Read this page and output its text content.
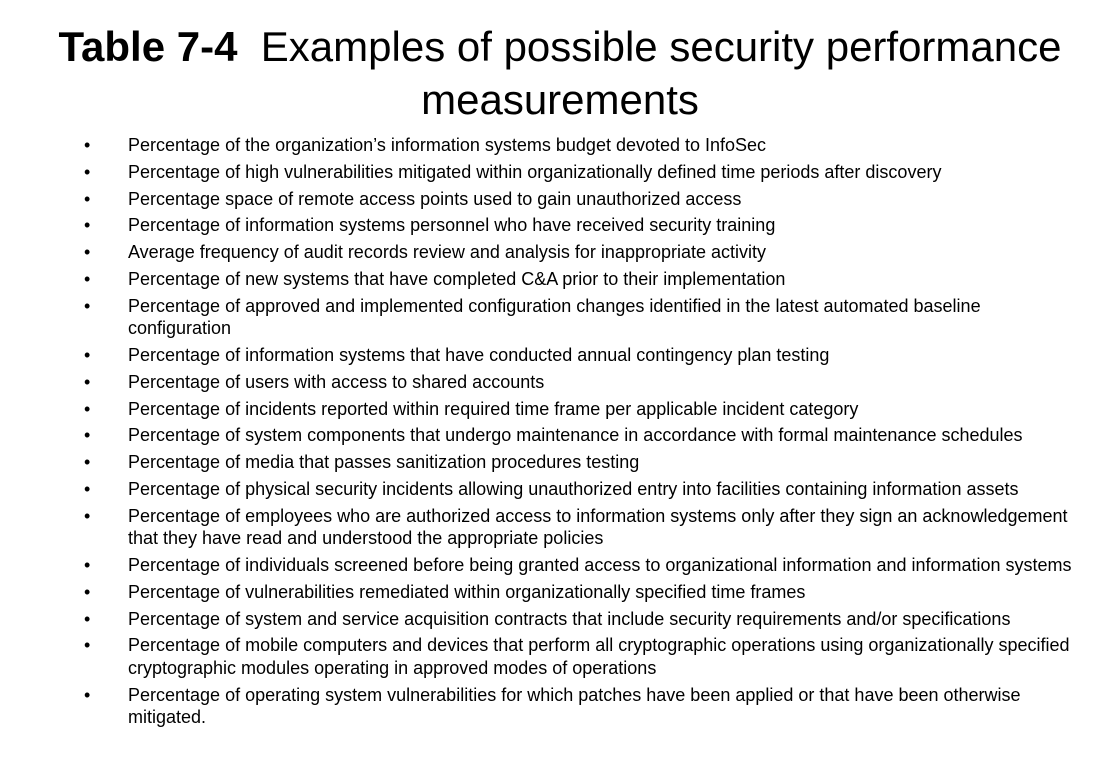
Table 7-4 Examples of possible security performance measurements
•	Percentage of the organization’s information systems budget devoted to InfoSec
•	Percentage of high vulnerabilities mitigated within organizationally defined time periods after discovery
•	Percentage space of remote access points used to gain unauthorized access
•	Percentage of information systems personnel who have received security training
•	Average frequency of audit records review and analysis for inappropriate activity
•	Percentage of new systems that have completed C&A prior to their implementation
•	Percentage of approved and implemented configuration changes identified in the latest automated baseline configuration
•	Percentage of information systems that have conducted annual contingency plan testing
•	Percentage of users with access to shared accounts
•	Percentage of incidents reported within required time frame per applicable incident category
•	Percentage of system components that undergo maintenance in accordance with formal maintenance schedules
•	Percentage of media that passes sanitization procedures testing
•	Percentage of physical security incidents allowing unauthorized entry into facilities containing information assets
•	Percentage of employees who are authorized access to information systems only after they sign an acknowledgement that they have read and understood the appropriate policies
•	Percentage of individuals screened before being granted access to organizational information and information systems
•	Percentage of vulnerabilities remediated within organizationally specified time frames
•	Percentage of system and service acquisition contracts that include security requirements and/or specifications
•	Percentage of mobile computers and devices that perform all cryptographic operations using organizationally specified cryptographic modules operating in approved modes of operations
•	Percentage of operating system vulnerabilities for which patches have been applied or that have been otherwise mitigated.
